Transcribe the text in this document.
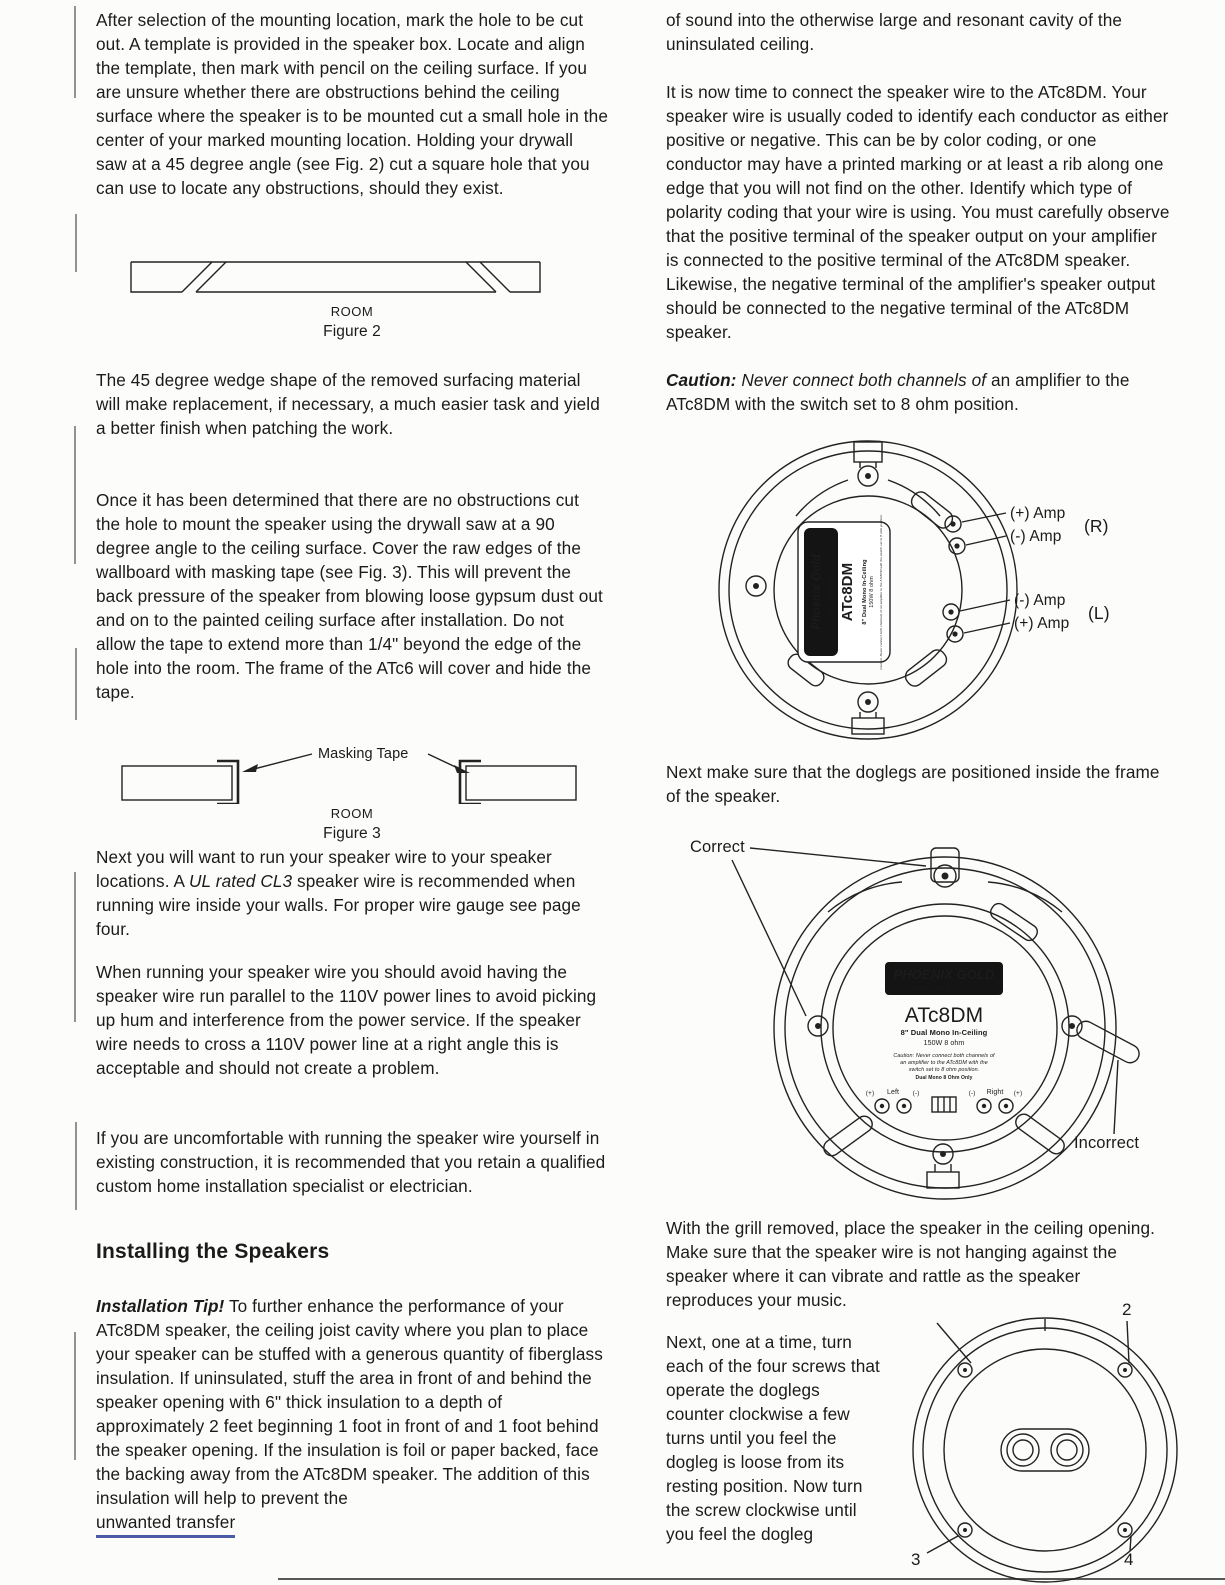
After selection of the mounting location, mark the hole to be cut out. A template is provided in the speaker box. Locate and align the template, then mark with pencil on the ceiling surface. If you are unsure whether there are obstructions behind the ceiling surface where the speaker is to be mounted cut a small hole in the center of your marked mounting location. Holding your drywall saw at a 45 degree angle (see Fig. 2) cut a square hole that you can use to locate any obstructions, should they exist.

ROOM
Figure 2

The 45 degree wedge shape of the removed surfacing material will make replacement, if necessary, a much easier task and yield a better finish when patching the work.

Once it has been determined that there are no obstructions cut the hole to mount the speaker using the drywall saw at a 90 degree angle to the ceiling surface. Cover the raw edges of the wallboard with masking tape (see Fig. 3). This will prevent the back pressure of the speaker from blowing loose gypsum dust out and on to the painted ceiling surface after installation. Do not allow the tape to extend more than 1/4" beyond the edge of the hole into the room. The frame of the ATc6 will cover and hide the tape.

Masking Tape
ROOM
Figure 3

Next you will want to run your speaker wire to your speaker locations. A UL rated CL3 speaker wire is recommended when running wire inside your walls. For proper wire gauge see page four.

When running your speaker wire you should avoid having the speaker wire run parallel to the 110V power lines to avoid picking up hum and interference from the power service. If the speaker wire needs to cross a 110V power line at a right angle this is acceptable and should not create a problem.

If you are uncomfortable with running the speaker wire yourself in existing construction, it is recommended that you retain a qualified custom home installation specialist or electrician.

Installing the Speakers

Installation Tip! To further enhance the performance of your ATc8DM speaker, the ceiling joist cavity where you plan to place your speaker can be stuffed with a generous quantity of fiberglass insulation. If uninsulated, stuff the area in front of and behind the speaker opening with 6" thick insulation to a depth of approximately 2 feet beginning 1 foot in front of and 1 foot behind the speaker opening. If the insulation is foil or paper backed, face the backing away from the ATc8DM speaker. The addition of this insulation will help to prevent the
unwanted transfer

of sound into the otherwise large and resonant cavity of the uninsulated ceiling.

It is now time to connect the speaker wire to the ATc8DM. Your speaker wire is usually coded to identify each conductor as either positive or negative. This can be by color coding, or one conductor may have a printed marking or at least a rib along one edge that you will not find on the other. Identify which type of polarity coding that your wire is using. You must carefully observe that the positive terminal of the speaker output on your amplifier is connected to the positive terminal of the ATc8DM speaker. Likewise, the negative terminal of the amplifier's speaker output should be connected to the negative terminal of the ATc8DM speaker.

Caution: Never connect both channels of an amplifier to the ATc8DM with the switch set to 8 ohm position.

Phoenix Gold HOME PRODUCTS ATc8DM 8" Dual Mono In-Ceiling 150W 8 ohm Caution: Never connect both channels of an amplifier to the ATc8DM with the switch set to 8 ohm position.
(+) Amp
(-) Amp
(R)
(-) Amp
(+) Amp
(L)

Next make sure that the doglegs are positioned inside the frame of the speaker.

Correct
Incorrect
PHOENIX GOLD
HOME PRODUCTS
ATc8DM
8" Dual Mono In-Ceiling
150W 8 ohm
Caution: Never connect both channels of
an amplifier to the ATc8DM with the
switch set to 8 ohm position.
Dual Mono 8 Ohm Only
(+) Left (-)	(-) Right (+)

With the grill removed, place the speaker in the ceiling opening. Make sure that the speaker wire is not hanging against the speaker where it can vibrate and rattle as the speaker reproduces your music.

Next, one at a time, turn each of the four screws that operate the doglegs counter clockwise a few turns until you feel the dogleg is loose from its resting position. Now turn the screw clockwise until you feel the dogleg

2
3	4
